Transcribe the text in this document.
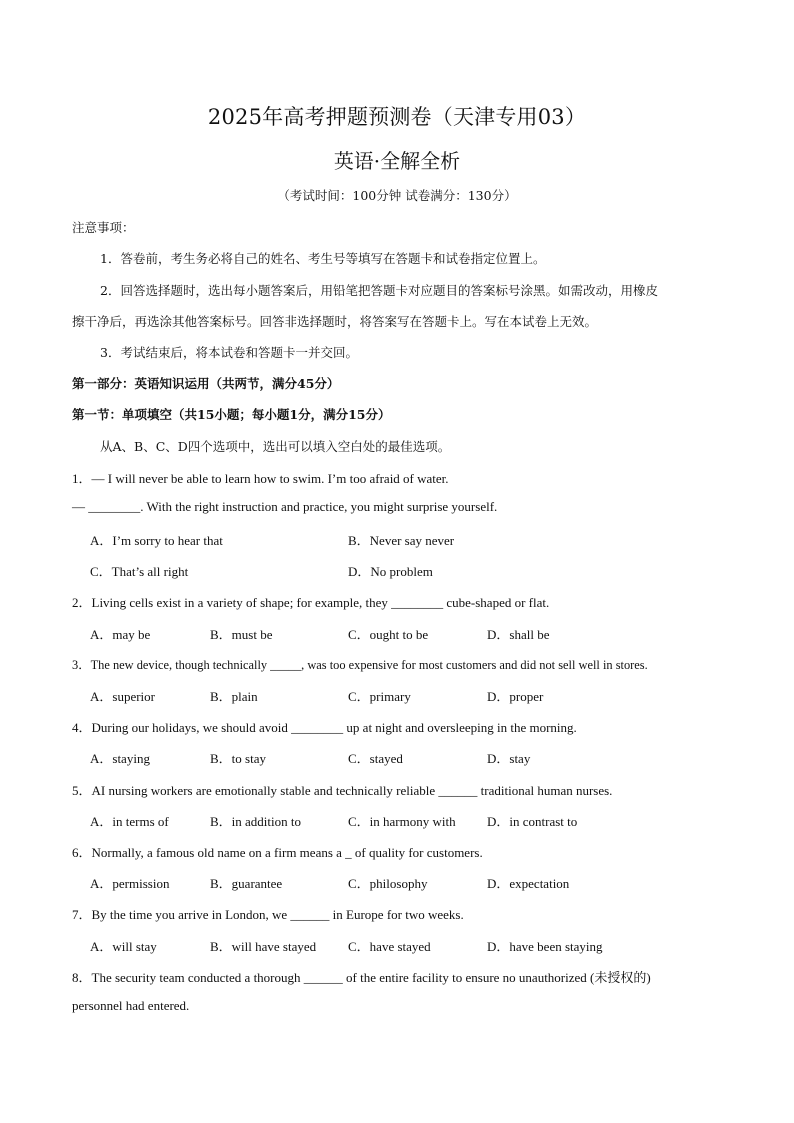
2025年高考押题预测卷（天津专用03）
英语·全解全析
（考试时间：100分钟 试卷满分：130分）
注意事项：
1．答卷前，考生务必将自己的姓名、考生号等填写在答题卡和试卷指定位置上。
2．回答选择题时，选出每小题答案后，用铅笔把答题卡对应题目的答案标号涂黑。如需改动，用橡皮
擦干净后，再选涂其他答案标号。回答非选择题时，将答案写在答题卡上。写在本试卷上无效。
3．考试结束后，将本试卷和答题卡一并交回。
第一部分：英语知识运用（共两节，满分45分）
第一节：单项填空（共15小题；每小题1分，满分15分）
从A、B、C、D四个选项中，选出可以填入空白处的最佳选项。
1．— I will never be able to learn how to swim. I’m too afraid of water.
— ________. With the right instruction and practice, you might surprise yourself.
A．I’m sorry to hear that	B．Never say never
C．That’s all right	D．No problem
2．Living cells exist in a variety of shape; for example, they ________ cube-shaped or flat.
A．may be	B．must be	C．ought to be	D．shall be
3．The new device, though technically _____, was too expensive for most customers and did not sell well in stores.
A．superior	B．plain	C．primary	D．proper
4．During our holidays, we should avoid ________ up at night and oversleeping in the morning.
A．staying	B．to stay	C．stayed	D．stay
5．AI nursing workers are emotionally stable and technically reliable ______ traditional human nurses.
A．in terms of	B．in addition to	C．in harmony with D．in contrast to
6．Normally, a famous old name on a firm means a _ of quality for customers.
A．permission	B．guarantee	C．philosophy	D．expectation
7．By the time you arrive in London, we ______ in Europe for two weeks.
A．will stay	B．will have stayed C．have stayed	D．have been staying
8．The security team conducted a thorough ______ of the entire facility to ensure no unauthorized (未授权的)
personnel had entered.
